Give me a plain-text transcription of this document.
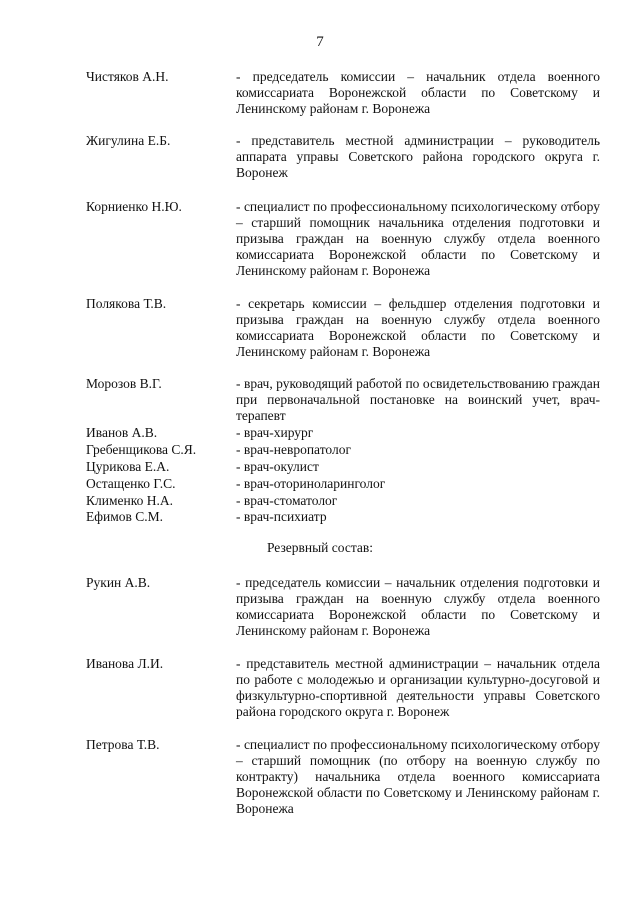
7
Чистяков А.Н.	- председатель комиссии – начальник отдела военного комиссариата Воронежской области по Советскому и Ленинскому районам г. Воронежа
Жигулина Е.Б.	- представитель местной администрации – руководитель аппарата управы Советского района городского округа г. Воронеж
Корниенко Н.Ю.	- специалист по профессиональному психологическому отбору – старший помощник начальника отделения подготовки и призыва граждан на военную службу отдела военного комиссариата Воронежской области по Советскому и Ленинскому районам г. Воронежа
Полякова Т.В.	- секретарь комиссии – фельдшер отделения подготовки и призыва граждан на военную службу отдела военного комиссариата Воронежской области по Советскому и Ленинскому районам г. Воронежа
Морозов В.Г.	- врач, руководящий работой по освидетельствованию граждан при первоначальной постановке на воинский учет, врач-терапевт
Иванов А.В.	- врач-хирург
Гребенщикова С.Я.	- врач-невропатолог
Цурикова Е.А.	- врач-окулист
Остащенко Г.С.	- врач-оториноларинголог
Клименко Н.А.	- врач-стоматолог
Ефимов С.М.	- врач-психиатр
Резервный состав:
Рукин А.В.	- председатель комиссии – начальник отделения подготовки и призыва граждан на военную службу отдела военного комиссариата Воронежской области по Советскому и Ленинскому районам г. Воронежа
Иванова Л.И.	- представитель местной администрации – начальник отдела по работе с молодежью и организации культурно-досуговой и физкультурно-спортивной деятельности управы Советского района городского округа г. Воронеж
Петрова Т.В.	- специалист по профессиональному психологическому отбору – старший помощник (по отбору на военную службу по контракту) начальника отдела военного комиссариата Воронежской области по Советскому и Ленинскому районам г. Воронежа
